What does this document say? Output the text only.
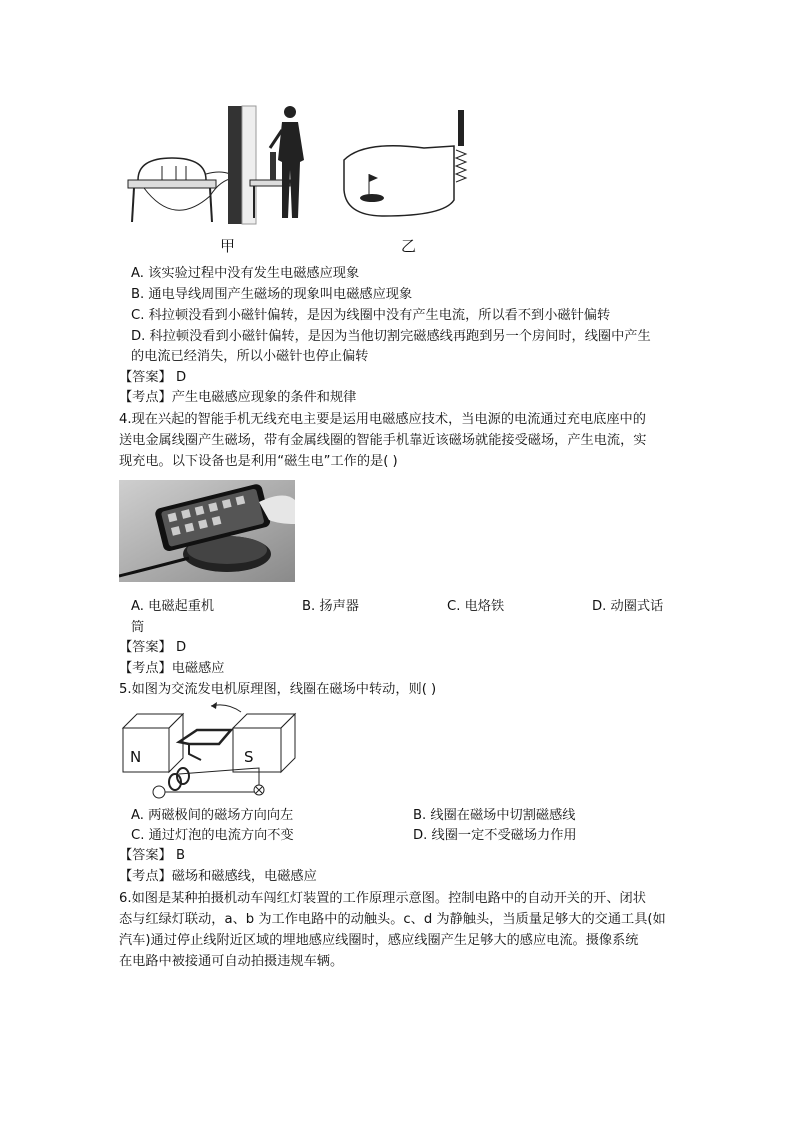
甲	乙
A. 该实验过程中没有发生电磁感应现象
B. 通电导线周围产生磁场的现象叫电磁感应现象
C. 科拉顿没看到小磁针偏转，是因为线圈中没有产生电流，所以看不到小磁针偏转
D. 科拉顿没看到小磁针偏转，是因为当他切割完磁感线再跑到另一个房间时，线圈中产生
的电流已经消失，所以小磁针也停止偏转
【答案】 D
【考点】产生电磁感应现象的条件和规律
4.现在兴起的智能手机无线充电主要是运用电磁感应技术，当电源的电流通过充电底座中的
送电金属线圈产生磁场，带有金属线圈的智能手机靠近该磁场就能接受磁场，产生电流，实
现充电。以下设备也是利用“磁生电”工作的是( )
A. 电磁起重机	B. 扬声器	C. 电烙铁	D. 动圈式话
筒
【答案】 D
【考点】电磁感应
5.如图为交流发电机原理图，线圈在磁场中转动，则( )
N	S
A. 两磁极间的磁场方向向左	B. 线圈在磁场中切割磁感线
C. 通过灯泡的电流方向不变	D. 线圈一定不受磁场力作用
【答案】 B
【考点】磁场和磁感线，电磁感应
6.如图是某种拍摄机动车闯红灯装置的工作原理示意图。控制电路中的自动开关的开、闭状
态与红绿灯联动，a、b 为工作电路中的动触头。c、d 为静触头，当质量足够大的交通工具(如
汽车)通过停止线附近区域的埋地感应线圈时，感应线圈产生足够大的感应电流。摄像系统
在电路中被接通可自动拍摄违规车辆。
